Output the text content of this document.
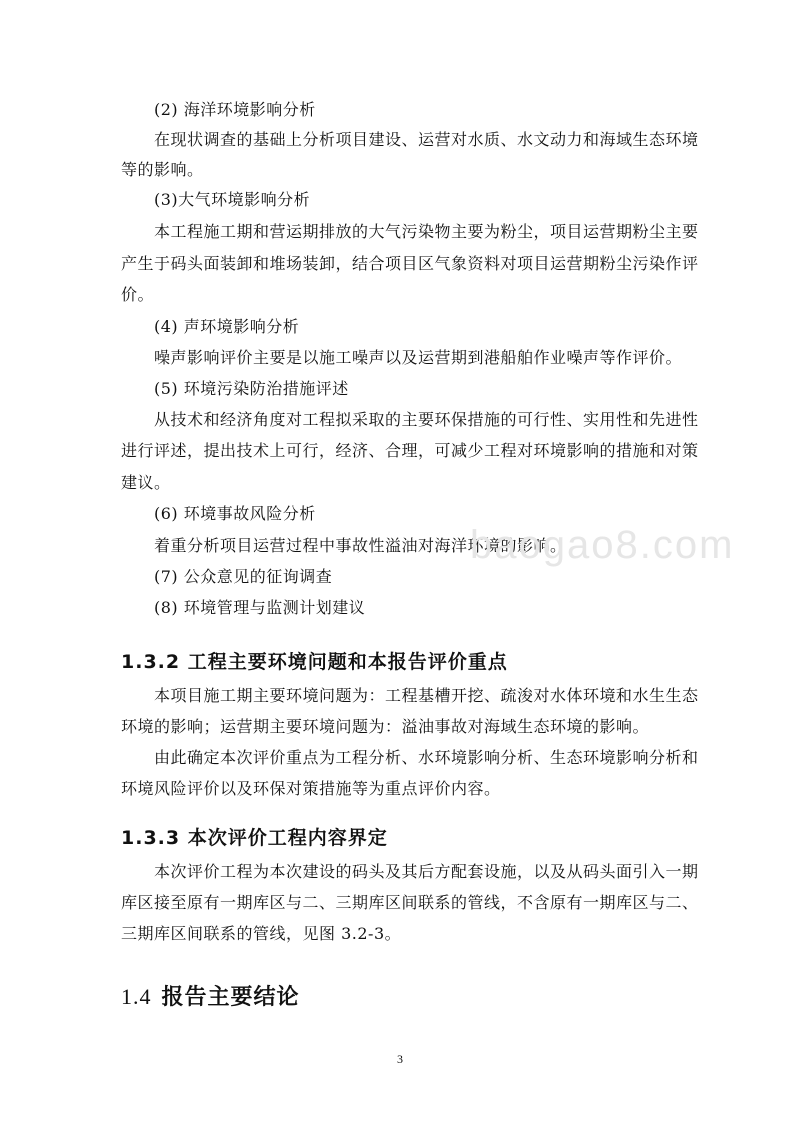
(2) 海洋环境影响分析
在现状调查的基础上分析项目建设、运营对水质、水文动力和海域生态环境
等的影响。
(3)大气环境影响分析
本工程施工期和营运期排放的大气污染物主要为粉尘，项目运营期粉尘主要
产生于码头面装卸和堆场装卸，结合项目区气象资料对项目运营期粉尘污染作评
价。
(4) 声环境影响分析
噪声影响评价主要是以施工噪声以及运营期到港船舶作业噪声等作评价。
(5) 环境污染防治措施评述
从技术和经济角度对工程拟采取的主要环保措施的可行性、实用性和先进性
进行评述，提出技术上可行，经济、合理，可减少工程对环境影响的措施和对策
建议。
(6) 环境事故风险分析
着重分析项目运营过程中事故性溢油对海洋环境的影响。
(7) 公众意见的征询调查
(8) 环境管理与监测计划建议
1.3.2 工程主要环境问题和本报告评价重点
本项目施工期主要环境问题为：工程基槽开挖、疏浚对水体环境和水生生态
环境的影响；运营期主要环境问题为：溢油事故对海域生态环境的影响。
由此确定本次评价重点为工程分析、水环境影响分析、生态环境影响分析和
环境风险评价以及环保对策措施等为重点评价内容。
1.3.3 本次评价工程内容界定
本次评价工程为本次建设的码头及其后方配套设施，以及从码头面引入一期
库区接至原有一期库区与二、三期库区间联系的管线，不含原有一期库区与二、
三期库区间联系的管线，见图 3.2-3。
1.4 报告主要结论
baogao8.com
3
